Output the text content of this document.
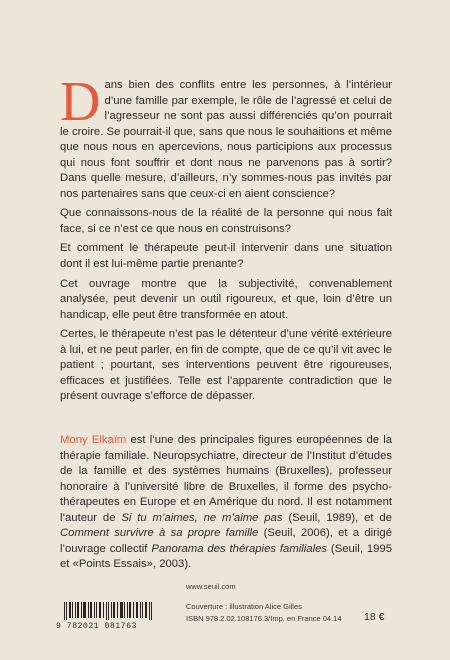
Dans bien des conflits entre les personnes, à l’intérieur d’une famille par exemple, le rôle de l’agressé et celui de l’agresseur ne sont pas aussi différenciés qu’on pourrait le croire. Se pourrait-il que, sans que nous le souhaitions et même que nous nous en apercevions, nous participions aux processus qui nous font souffrir et dont nous ne parvenons pas à sortir? Dans quelle mesure, d’ailleurs, n’y sommes-nous pas invités par nos partenaires sans que ceux-ci en aient conscience?

Que connaissons-nous de la réalité de la personne qui nous fait face, si ce n’est ce que nous en construisons?

Et comment le thérapeute peut-il intervenir dans une situation dont il est lui-même partie prenante?

Cet ouvrage montre que la subjectivité, convenablement analysée, peut devenir un outil rigoureux, et que, loin d’être un handicap, elle peut être transformée en atout.

Certes, le thérapeute n’est pas le détenteur d’une vérité extérieure à lui, et ne peut parler, en fin de compte, que de ce qu’il vit avec le patient ; pourtant, ses interventions peuvent être rigoureuses, efficaces et justifiées. Telle est l’apparente contradiction que le présent ouvrage s’efforce de dépasser.

Mony Elkaïm est l’une des principales figures européennes de la thérapie familiale. Neuropsychiatre, directeur de l’Institut d’études de la famille et des systèmes humains (Bruxelles), professeur honoraire à l’université libre de Bruxelles, il forme des psycho-thérapeutes en Europe et en Amérique du nord. Il est notamment l’auteur de Si tu m’aimes, ne m’aime pas (Seuil, 1989), et de Comment survivre à sa propre famille (Seuil, 2006), et a dirigé l’ouvrage collectif Panorama des thérapies familiales (Seuil, 1995 et «Points Essais», 2003).

www.seuil.com
9 782021 081763
Couverture : illustration Alice Gilles
ISBN 978.2.02.108176.3/Imp. en France 04.14 18 €
